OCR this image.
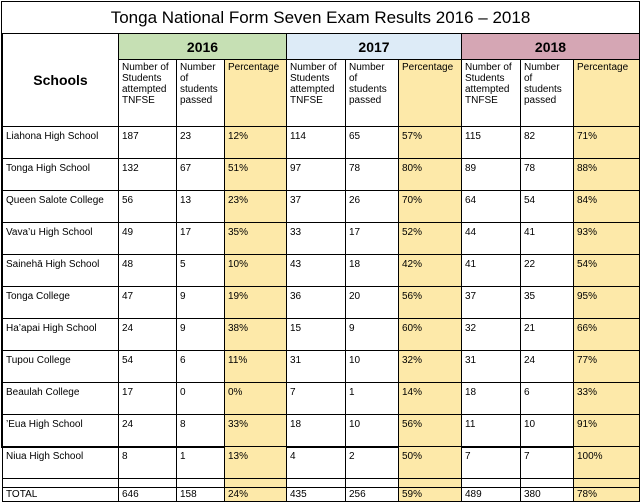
Tonga National Form Seven Exam Results 2016 – 2018
Schools	2016			2017			2018		
	Number of Students attempted TNFSE	Number of students passed	Percentage	Number of Students attempted TNFSE	Number of students passed	Percentage	Number of Students attempted TNFSE	Number of students passed	Percentage
Liahona High School	187	23	12%	114	65	57%	115	82	71%
Tonga High School	132	67	51%	97	78	80%	89	78	88%
Queen Salote College	56	13	23%	37	26	70%	64	54	84%
Vava’u High School	49	17	35%	33	17	52%	44	41	93%
Sainehā High School	48	5	10%	43	18	42%	41	22	54%
Tonga College	47	9	19%	36	20	56%	37	35	95%
Ha’apai High School	24	9	38%	15	9	60%	32	21	66%
Tupou College	54	6	11%	31	10	32%	31	24	77%
Beaulah College	17	0	0%	7	1	14%	18	6	33%
’Eua High School	24	8	33%	18	10	56%	11	10	91%
Niua High School	8	1	13%	4	2	50%	7	7	100%

TOTAL	646	158	24%	435	256	59%	489	380	78%
